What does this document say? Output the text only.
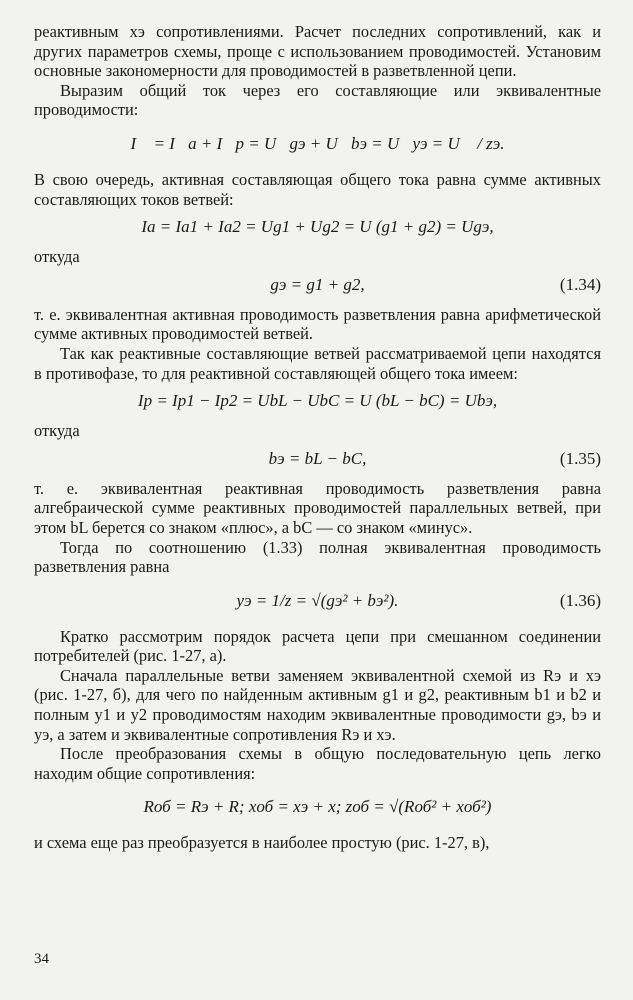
реактивным xэ сопротивлениями. Расчет последних сопротивлений, как и других параметров схемы, проще с использованием проводимостей. Установим основные закономерности для проводимостей в разветвленной цепи.

Выразим общий ток через его составляющие или эквивалентные проводимости:

I⃗ = I⃗а + I⃗р = U⃗gэ + U⃗bэ = U⃗yэ = U⃗ / zэ.

В свою очередь, активная составляющая общего тока равна сумме активных составляющих токов ветвей:

Iа = Iа1 + Iа2 = Ug1 + Ug2 = U (g1 + g2) = Ugэ,

откуда

gэ = g1 + g2,	(1.34)

т. е. эквивалентная активная проводимость разветвления равна арифметической сумме активных проводимостей ветвей.

Так как реактивные составляющие ветвей рассматриваемой цепи находятся в противофазе, то для реактивной составляющей общего тока имеем:

Iр = Iр1 − Iр2 = UbL − UbC = U (bL − bC) = Ubэ,

откуда

bэ = bL − bC,	(1.35)

т. е. эквивалентная реактивная проводимость разветвления равна алгебраической сумме реактивных проводимостей параллельных ветвей, при этом bL берется со знаком «плюс», а bC — со знаком «минус».

Тогда по соотношению (1.33) полная эквивалентная проводимость разветвления равна

yэ = 1/z = √(gэ² + bэ²).	(1.36)

Кратко рассмотрим порядок расчета цепи при смешанном соединении потребителей (рис. 1-27, а).

Сначала параллельные ветви заменяем эквивалентной схемой из Rэ и xэ (рис. 1-27, б), для чего по найденным активным g1 и g2, реактивным b1 и b2 и полным y1 и y2 проводимостям находим эквивалентные проводимости gэ, bэ и yэ, а затем и эквивалентные сопротивления Rэ и xэ.

После преобразования схемы в общую последовательную цепь легко находим общие сопротивления:

Rоб = Rэ + R; xоб = xэ + x; zоб = √(Rоб² + xоб²)

и схема еще раз преобразуется в наиболее простую (рис. 1-27, в),

34
